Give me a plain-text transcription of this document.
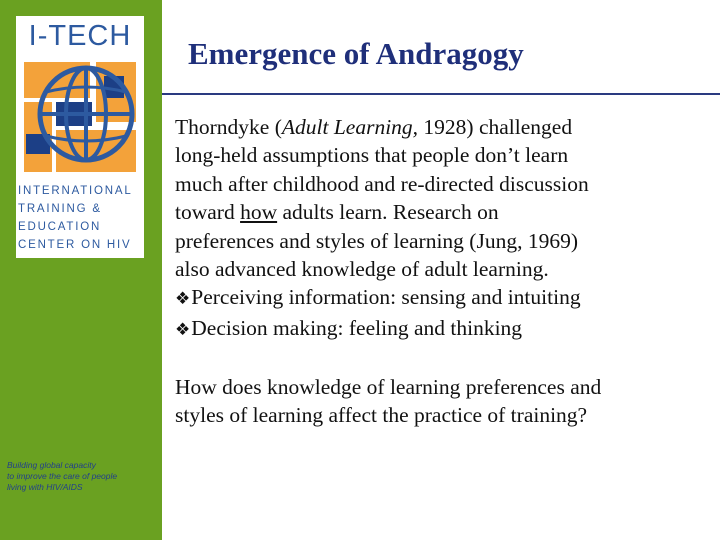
I-TECH
INTERNATIONAL
TRAINING &
EDUCATION
CENTER ON HIV
Building global capacity
to improve the care of people
living with HIV/AIDS
Emergence of Andragogy
Thorndyke (Adult Learning, 1928) challenged
long-held assumptions that people don’t learn
much after childhood and re-directed discussion
toward how adults learn. Research on
preferences and styles of learning (Jung, 1969)
also advanced knowledge of adult learning.
❖Perceiving information: sensing and intuiting
❖Decision making: feeling and thinking
How does knowledge of learning preferences and
styles of learning affect the practice of training?
